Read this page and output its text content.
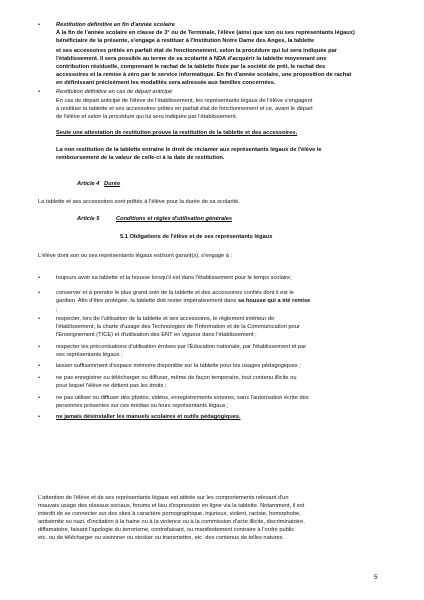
•	Restitution définitive en fin d'année scolaire
À la fin de l'année scolaire en classe de 3° ou de Terminale, l'élève (ainsi que son ou ses représentants légaux)
bénéficiaire de la présente, s'engage à restituer à l'Institution Notre Dame des Anges, la tablette
et ses accessoires prêtés en parfait état de fonctionnement, selon la procédure qui lui sera indiquée par
l'établissement. Il sera possible au terme de sa scolarité à NDA d'acquérir la tablette moyennant une
contribution résiduelle, comprenant le rachat de la tablette fixée par la société de prêt, le rachat des
accessoires et la remise à zéro par le service informatique. En fin d'année scolaire, une proposition de rachat
en définissant précisément les modalités sera adressée aux familles concernées.
•	Restitution définitive en cas de départ anticipé
En cas de départ anticipé de l'élève de l'établissement, les représentants légaux de l'élève s'engagent
à restituer la tablette et ses accessoires prêtés en parfait état de fonctionnement et ce, avant le départ
de l'élève et selon la procédure qui lui sera indiquée par l'établissement.
Seule une attestation de restitution prouve la restitution de la tablette et des accessoires.
La non restitution de la tablette entraine le droit de réclamer aux représentants légaux de l'élève le
remboursement de la valeur de celle-ci à la date de restitution.
Article 4 Durée
La tablette et ses accessoires sont prêtés à l'élève pour la durée de sa scolarité.
Article 5	Conditions et règles d'utilisation générales
5.1 Obligations de l'élève et de ses représentants légaux
L'élève dont son ou ses représentants légaux est/sont garant(s), s'engage à :
•	toujours avoir sa tablette et la housse lorsqu'il est dans l'établissement pour le temps scolaire;
•	conserver et à prendre le plus grand soin de la tablette et des accessoires confiés dont il est le
gardien. Afin d'être protégée, la tablette doit rester impérativement dans sa housse qui a été remise
;
•	respecter, lors de l'utilisation de la tablette et ses accessoires, le règlement intérieur de
l'établissement, la charte d'usage des Technologies de l'Information et de la Communication pour
l'Enseignement (TICE) et d'utilisation des ENT en vigueur dans l'établissement ;
•	respecter les préconisations d'utilisation émises par l'Éducation nationale, par l'établissement et par
ses représentants légaux ;
•	laisser suffisamment d'espace mémoire disponible sur la tablette pour les usages pédagogiques ;
•	ne pas enregistrer ou télécharger ou diffuser, même de façon temporaire, tout contenu illicite ou
pour lequel l'élève ne détient pas les droits ;
•	ne pas utiliser ou diffuser des photos, vidéos, enregistrements sonores, sans l'autorisation écrite des
personnes présentes sur ces médias ou leurs représentants légaux ;
•	ne jamais désinstaller les manuels scolaires et outils pédagogiques.
L'attention de l'élève et de ses représentants légaux est attirée sur les comportements relevant d'un
mauvais usage des réseaux sociaux, forums et lieu d'expression en ligne via la tablette. Notamment, il est
interdit de se connecter sur des sites à caractère pornographique, injurieux, violent, raciste, homophobe,
antisémite ou nazi, d'incitation à la haine ou à la violence ou à la commission d'acte illicite, discriminatoire,
diffamatoire, faisant l'apologie du terrorisme, contrefaisant, ou manifestement contraire à l'ordre public
etc. ou de télécharger ou visionner ou stocker ou transmettre, etc. des contenus de telles natures.
5
